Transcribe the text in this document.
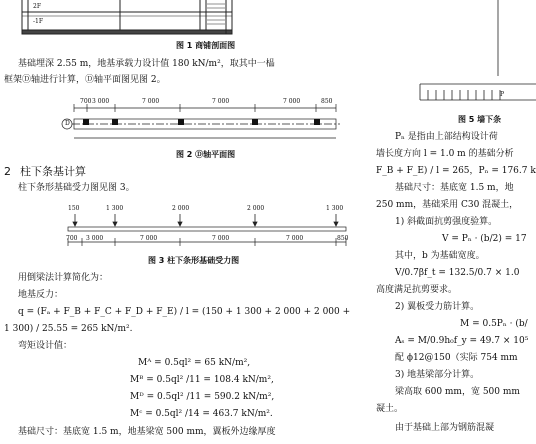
2F
-1F
图 1 商铺剖面图
基础埋深 2.55 m，地基承载力设计值 180 kN/m²，取其中一榀
框架Ⓓ轴进行计算，Ⓓ轴平面图见图 2。
700 3 000	7 000	7 000	7 000	850
D
图 2 Ⓓ轴平面图
2 柱下条基计算
柱下条形基础受力图见图 3。
150	1 300	2 000	2 000	1 300
700 3 000	7 000	7 000	7 000	850
图 3 柱下条形基础受力图
用倒梁法计算简化为：
地基反力：
q = (Fₐ + F_B + F_C + F_D + F_E) / l = (150 + 1 300 + 2 000 + 2 000 +
1 300) / 25.55 = 265 kN/m².
弯矩设计值：
Mᴬ = 0.5ql² = 65 kN/m²,
Mᴮ = 0.5ql² /11 = 108.4 kN/m²,
Mᴰ = 0.5ql² /11 = 590.2 kN/m²,
Mᶜ = 0.5ql² /14 = 463.7 kN/m².
基础尺寸：基底宽 1.5 m，地基梁宽 500 mm，翼板外边缘厚度
P
图 5 墙下条
Pₙ 是指由上部结构设计荷
墙长度方向 l = 1.0 m 的基础分析
F_B + F_E) / l = 265，Pₙ = 176.7 k
基础尺寸：基底宽 1.5 m，地
250 mm，基础采用 C30 混凝土，
1) 斜截面抗剪强度验算。
V = Pₙ · (b/2) = 17
其中，b 为基础宽度。
V/0.7βf_t = 132.5/0.7 × 1.0
高度满足抗剪要求。
2) 翼板受力筋计算。
M = 0.5Pₙ · (b/
Aₛ = M/0.9h₀f_y = 49.7 × 10⁵
配 ϕ12@150（实际 754 mm
3) 地基梁部分计算。
梁高取 600 mm，宽 500 mm
凝土。
由于基础上部为钢筋混凝
